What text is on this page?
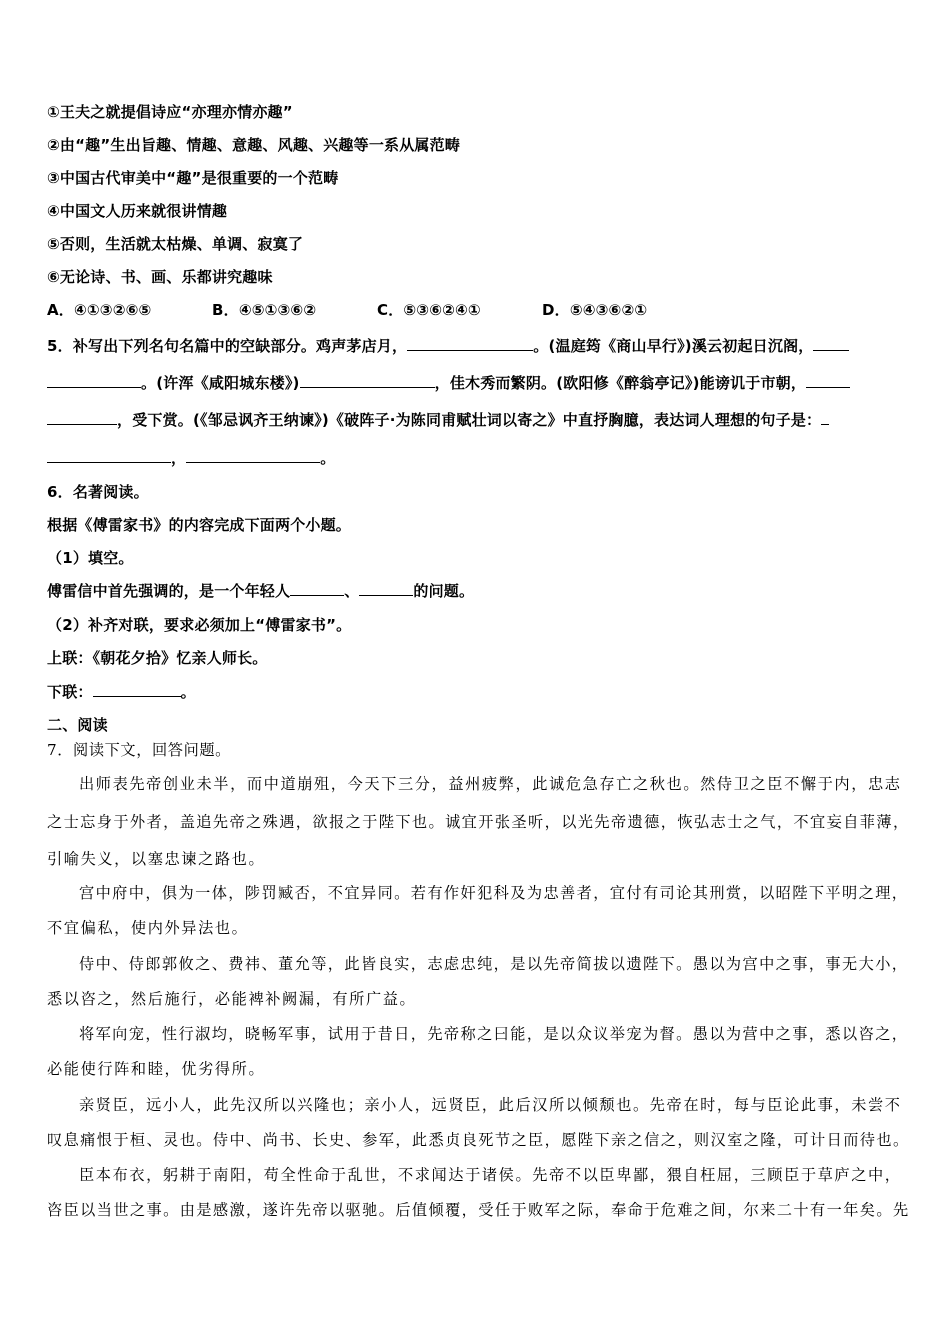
①王夫之就提倡诗应“亦理亦情亦趣”
②由“趣”生出旨趣、情趣、意趣、风趣、兴趣等一系从属范畴
③中国古代审美中“趣”是很重要的一个范畴
④中国文人历来就很讲情趣
⑤否则，生活就太枯燥、单调、寂寞了
⑥无论诗、书、画、乐都讲究趣味
A．④①③②⑥⑤	B．④⑤①③⑥②	C．⑤③⑥②④①	D．⑤④③⑥②①
5．补写出下列名句名篇中的空缺部分。鸡声茅店月，	。(温庭筠《商山早行》)溪云初起日沉阁，
。(许浑《咸阳城东楼》)	，佳木秀而繁阴。(欧阳修《醉翁亭记》)能谤讥于市朝，
，受下赏。(《邹忌讽齐王纳谏》)《破阵子·为陈同甫赋壮词以寄之》中直抒胸臆，表达词人理想的句子是：
，	。
6．名著阅读。
根据《傅雷家书》的内容完成下面两个小题。
（1）填空。
傅雷信中首先强调的，是一个年轻人	、	的问题。
（2）补齐对联，要求必须加上“傅雷家书”。
上联：《朝花夕拾》忆亲人师长。
下联：	。
二、阅读
7．阅读下文，回答问题。
出师表先帝创业未半，而中道崩殂，今天下三分，益州疲弊，此诚危急存亡之秋也。然侍卫之臣不懈于内，忠志
之士忘身于外者，盖追先帝之殊遇，欲报之于陛下也。诚宜开张圣听，以光先帝遗德，恢弘志士之气，不宜妄自菲薄，
引喻失义，以塞忠谏之路也。
宫中府中，俱为一体，陟罚臧否，不宜异同。若有作奸犯科及为忠善者，宜付有司论其刑赏，以昭陛下平明之理，
不宜偏私，使内外异法也。
侍中、侍郎郭攸之、费祎、董允等，此皆良实，志虑忠纯，是以先帝简拔以遗陛下。愚以为宫中之事，事无大小，
悉以咨之，然后施行，必能裨补阙漏，有所广益。
将军向宠，性行淑均，晓畅军事，试用于昔日，先帝称之曰能，是以众议举宠为督。愚以为营中之事，悉以咨之，
必能使行阵和睦，优劣得所。
亲贤臣，远小人，此先汉所以兴隆也；亲小人，远贤臣，此后汉所以倾颓也。先帝在时，每与臣论此事，未尝不
叹息痛恨于桓、灵也。侍中、尚书、长史、参军，此悉贞良死节之臣，愿陛下亲之信之，则汉室之隆，可计日而待也。
臣本布衣，躬耕于南阳，苟全性命于乱世，不求闻达于诸侯。先帝不以臣卑鄙，猥自枉屈，三顾臣于草庐之中，
咨臣以当世之事。由是感激，遂许先帝以驱驰。后值倾覆，受任于败军之际，奉命于危难之间，尔来二十有一年矣。先
